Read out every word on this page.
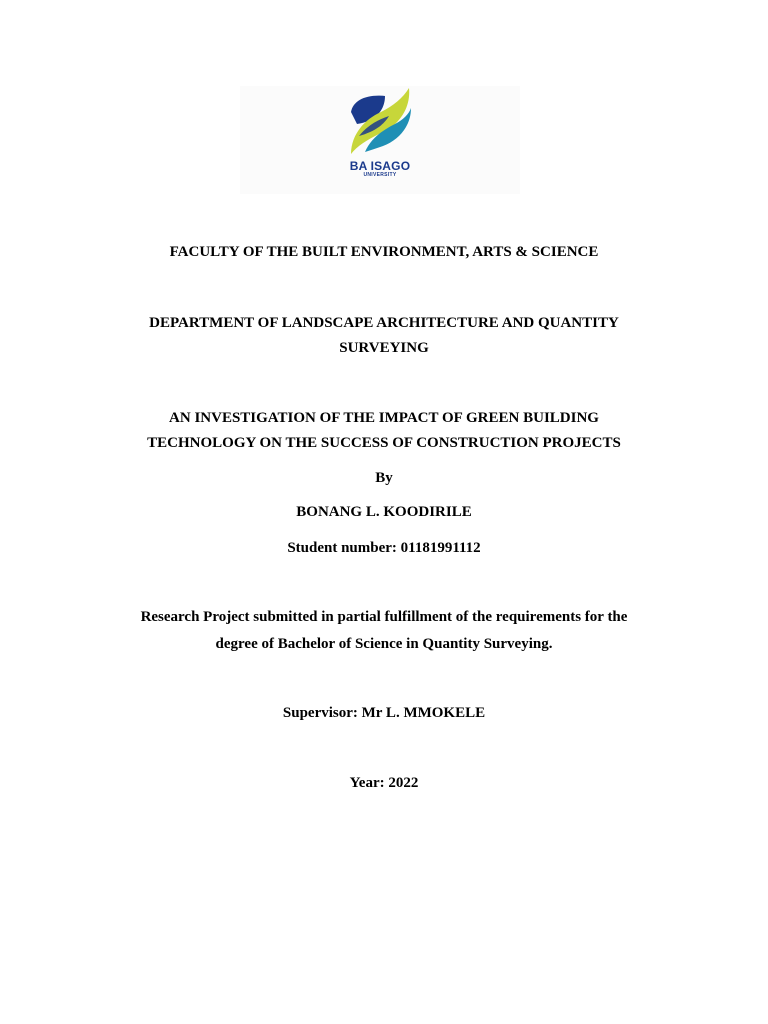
BA ISAGO
UNIVERSITY
FACULTY OF THE BUILT ENVIRONMENT, ARTS & SCIENCE
DEPARTMENT OF LANDSCAPE ARCHITECTURE AND QUANTITY
SURVEYING
AN INVESTIGATION OF THE IMPACT OF GREEN BUILDING
TECHNOLOGY ON THE SUCCESS OF CONSTRUCTION PROJECTS
By
BONANG L. KOODIRILE
Student number: 01181991112
Research Project submitted in partial fulfillment of the requirements for the
degree of Bachelor of Science in Quantity Surveying.
Supervisor: Mr L. MMOKELE
Year: 2022
